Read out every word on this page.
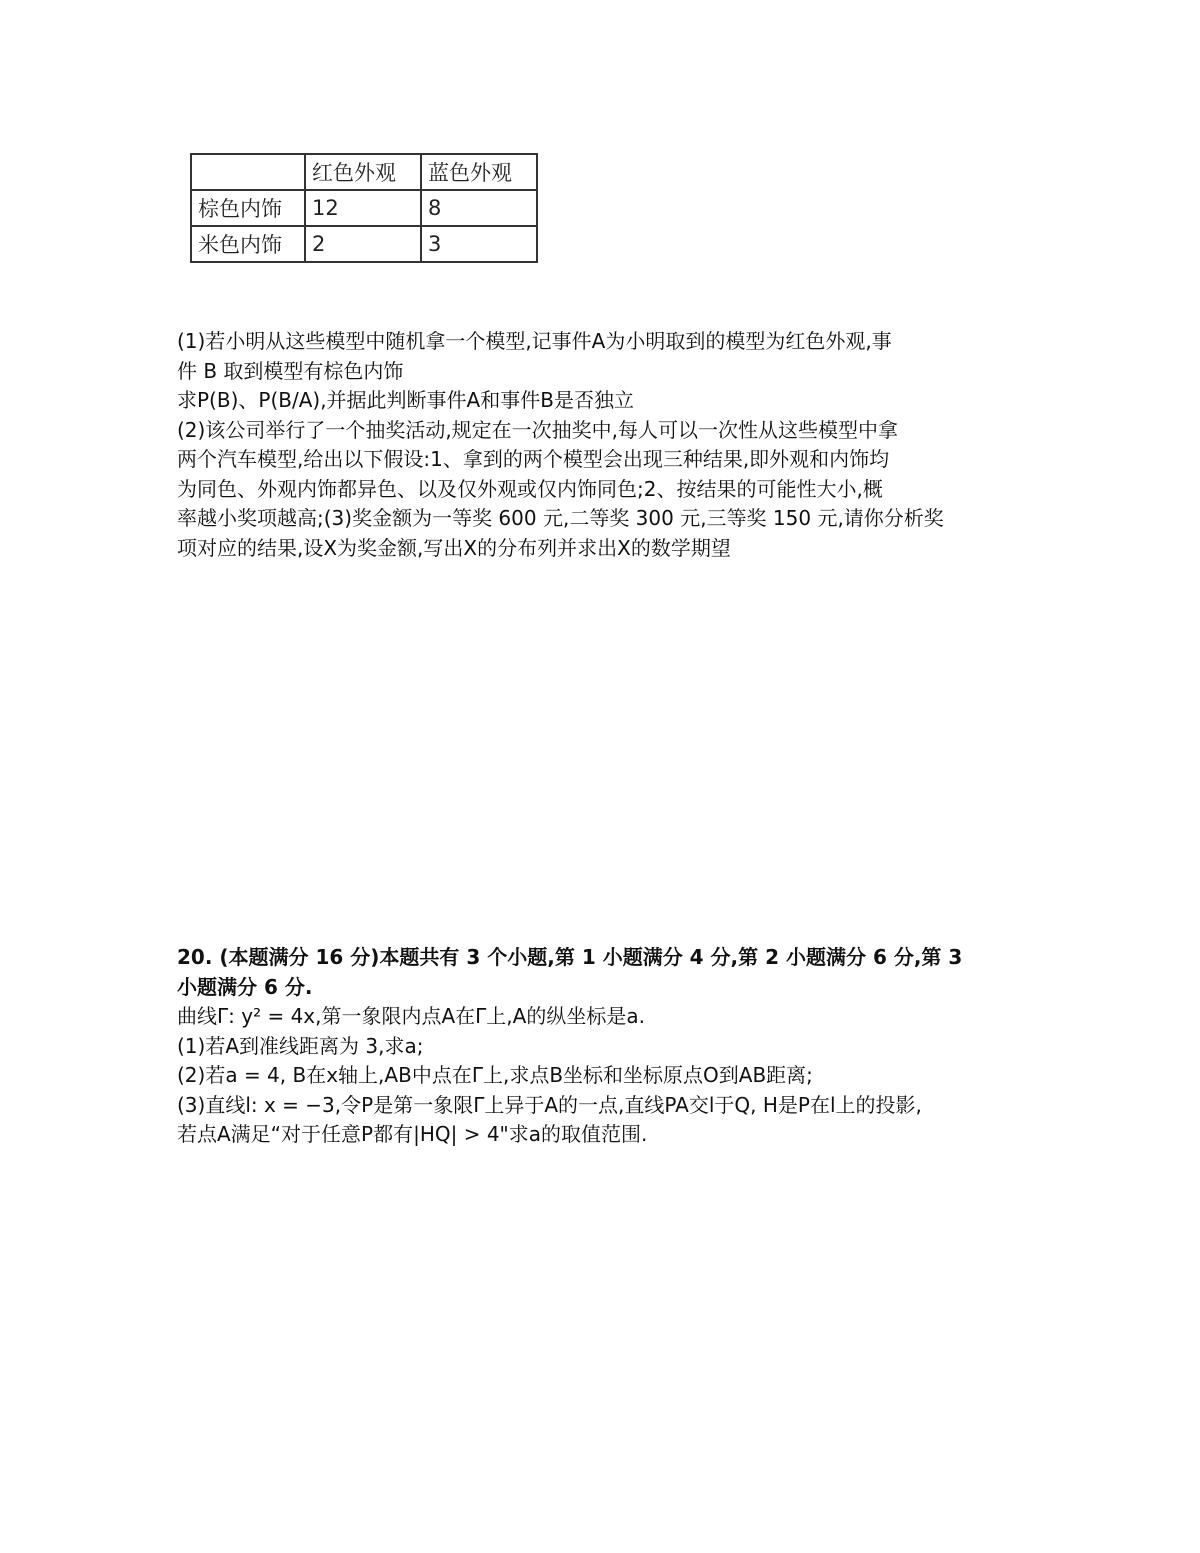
	红色外观	蓝色外观
棕色内饰	12	8
米色内饰	2	3
(1)若小明从这些模型中随机拿一个模型,记事件A为小明取到的模型为红色外观,事
件 B 取到模型有棕色内饰
求P(B)、P(B/A),并据此判断事件A和事件B是否独立
(2)该公司举行了一个抽奖活动,规定在一次抽奖中,每人可以一次性从这些模型中拿
两个汽车模型,给出以下假设:1、拿到的两个模型会出现三种结果,即外观和内饰均
为同色、外观内饰都异色、以及仅外观或仅内饰同色;2、按结果的可能性大小,概
率越小奖项越高;(3)奖金额为一等奖 600 元,二等奖 300 元,三等奖 150 元,请你分析奖
项对应的结果,设X为奖金额,写出X的分布列并求出X的数学期望
20. (本题满分 16 分)本题共有 3 个小题,第 1 小题满分 4 分,第 2 小题满分 6 分,第 3
小题满分 6 分.
曲线Γ: y² = 4x,第一象限内点A在Γ上,A的纵坐标是a.
(1)若A到准线距离为 3,求a;
(2)若a = 4, B在x轴上,AB中点在Γ上,求点B坐标和坐标原点O到AB距离;
(3)直线l: x = −3,令P是第一象限Γ上异于A的一点,直线PA交l于Q, H是P在l上的投影,
若点A满足“对于任意P都有|HQ| > 4"求a的取值范围.
